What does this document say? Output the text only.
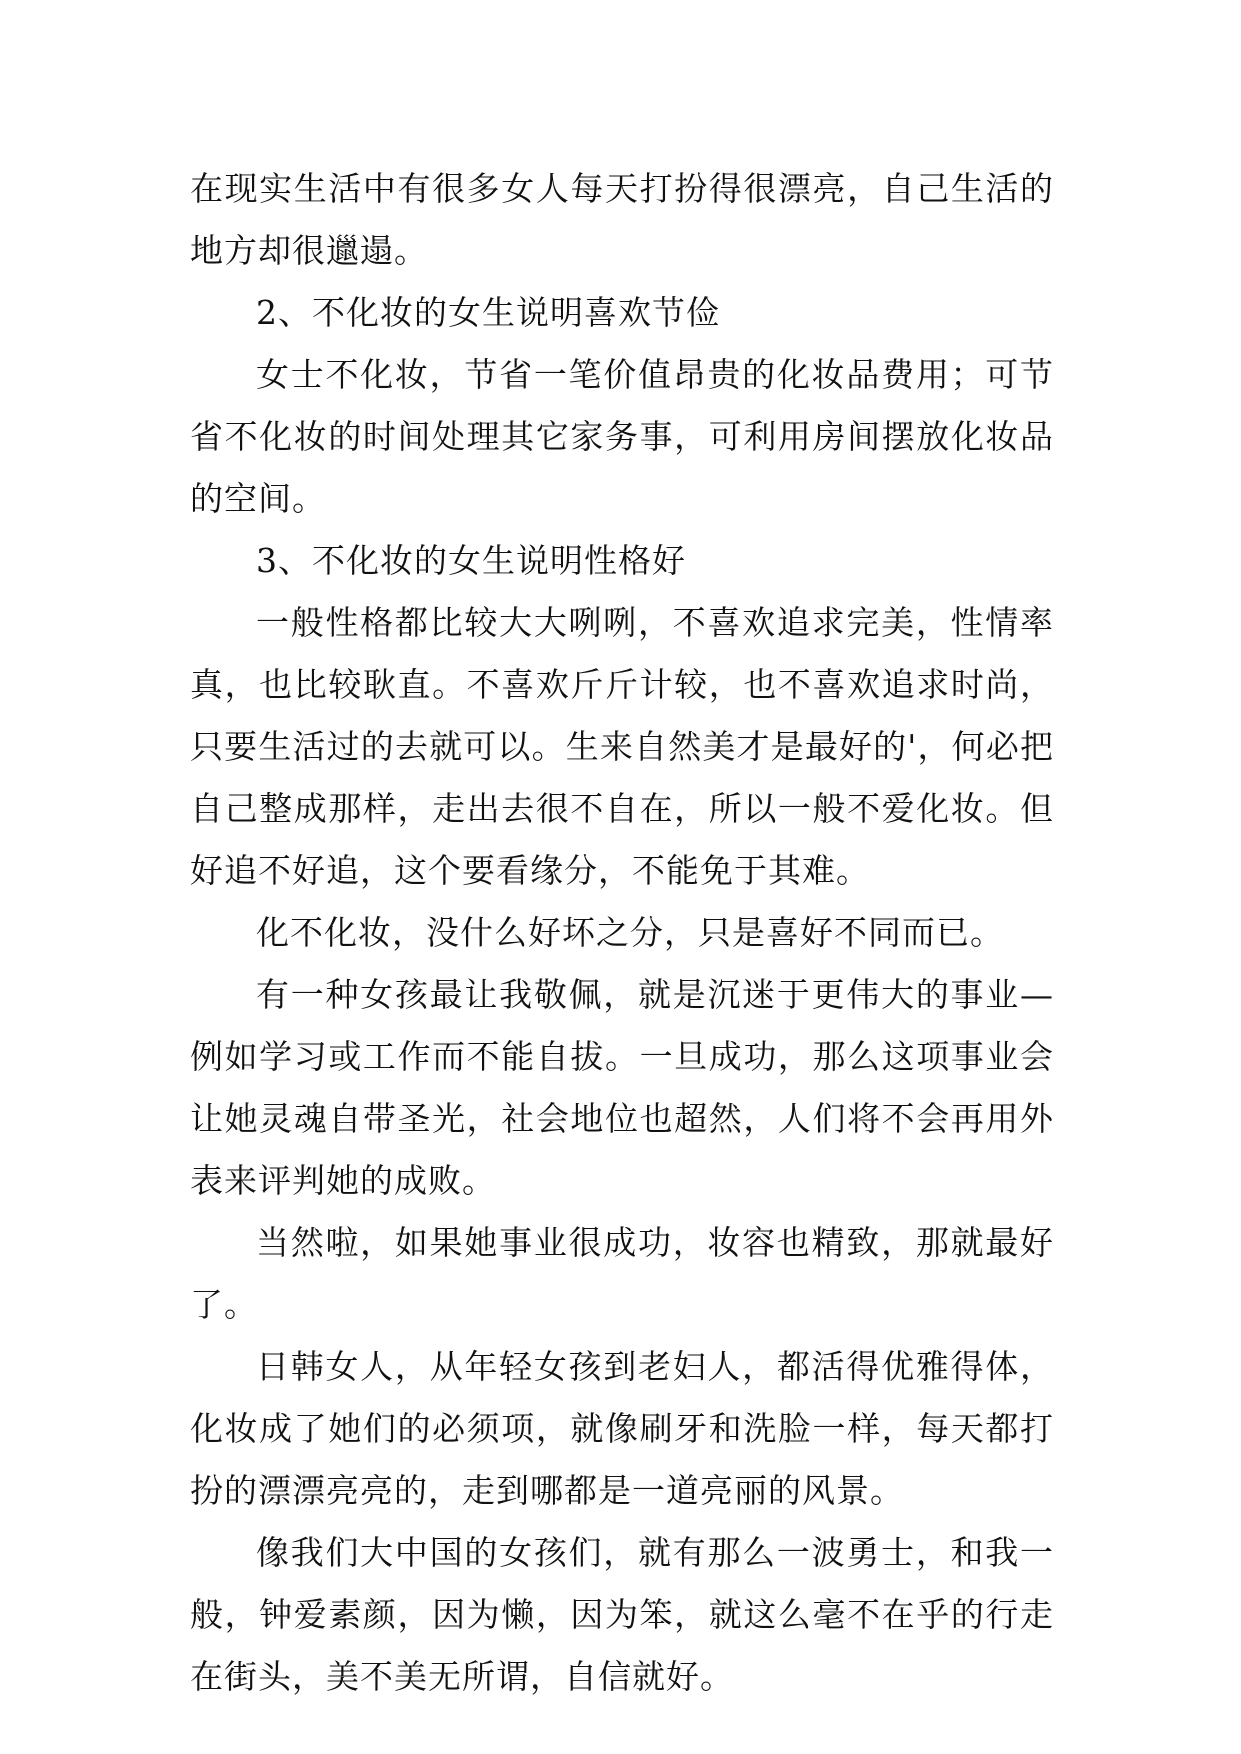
在现实生活中有很多女人每天打扮得很漂亮，自己生活的地方却很邋遢。

2、不化妆的女生说明喜欢节俭

女士不化妆，节省一笔价值昂贵的化妆品费用；可节省不化妆的时间处理其它家务事，可利用房间摆放化妆品的空间。

3、不化妆的女生说明性格好

一般性格都比较大大咧咧，不喜欢追求完美，性情率真，也比较耿直。不喜欢斤斤计较，也不喜欢追求时尚，只要生活过的去就可以。生来自然美才是最好的'，何必把自己整成那样，走出去很不自在，所以一般不爱化妆。但好追不好追，这个要看缘分，不能免于其难。

化不化妆，没什么好坏之分，只是喜好不同而已。

有一种女孩最让我敬佩，就是沉迷于更伟大的事业—例如学习或工作而不能自拔。一旦成功，那么这项事业会让她灵魂自带圣光，社会地位也超然，人们将不会再用外表来评判她的成败。

当然啦，如果她事业很成功，妆容也精致，那就最好了。

日韩女人，从年轻女孩到老妇人，都活得优雅得体，化妆成了她们的必须项，就像刷牙和洗脸一样，每天都打扮的漂漂亮亮的，走到哪都是一道亮丽的风景。

像我们大中国的女孩们，就有那么一波勇士，和我一般，钟爱素颜，因为懒，因为笨，就这么毫不在乎的行走在街头，美不美无所谓，自信就好。
